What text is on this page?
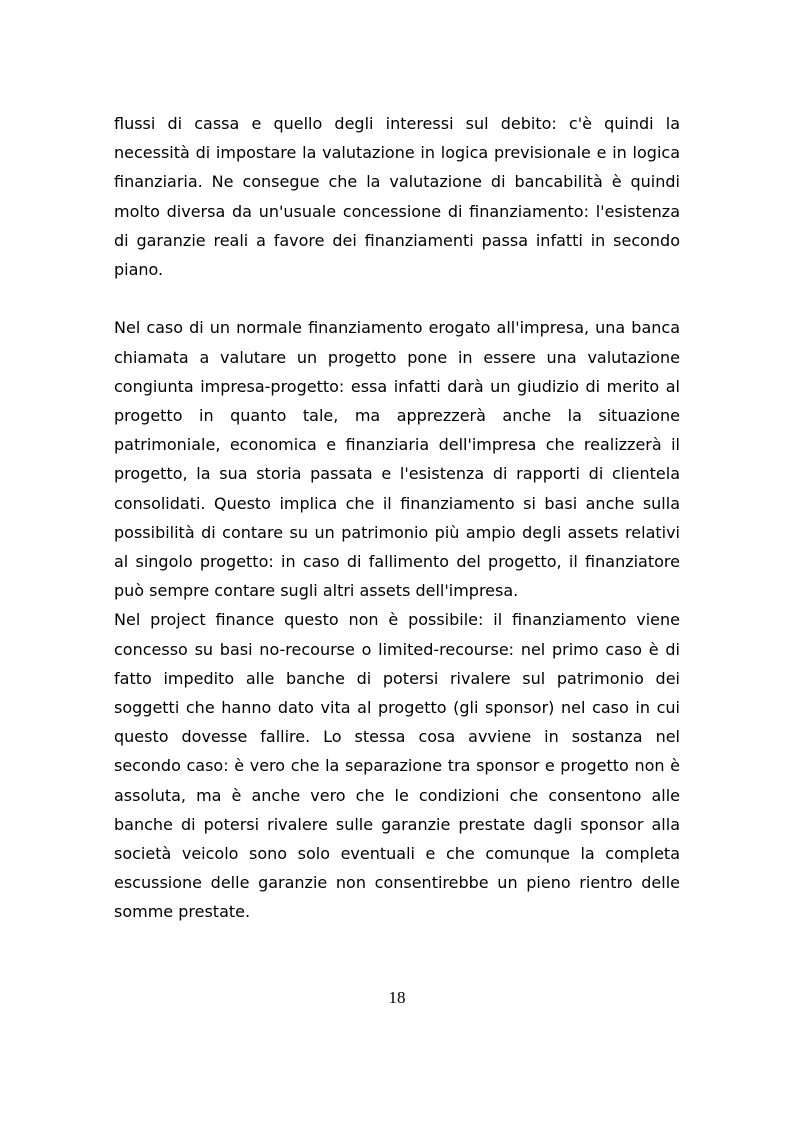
flussi di cassa e quello degli interessi sul debito: c'è quindi la necessità di impostare la valutazione in logica previsionale e in logica finanziaria. Ne consegue che la valutazione di bancabilità è quindi molto diversa da un'usuale concessione di finanziamento: l'esistenza di garanzie reali a favore dei finanziamenti passa infatti in secondo piano.

Nel caso di un normale finanziamento erogato all'impresa, una banca chiamata a valutare un progetto pone in essere una valutazione congiunta impresa-progetto: essa infatti darà un giudizio di merito al progetto in quanto tale, ma apprezzerà anche la situazione patrimoniale, economica e finanziaria dell'impresa che realizzerà il progetto, la sua storia passata e l'esistenza di rapporti di clientela consolidati. Questo implica che il finanziamento si basi anche sulla possibilità di contare su un patrimonio più ampio degli assets relativi al singolo progetto: in caso di fallimento del progetto, il finanziatore può sempre contare sugli altri assets dell'impresa.

Nel project finance questo non è possibile: il finanziamento viene concesso su basi no-recourse o limited-recourse: nel primo caso è di fatto impedito alle banche di potersi rivalere sul patrimonio dei soggetti che hanno dato vita al progetto (gli sponsor) nel caso in cui questo dovesse fallire. Lo stessa cosa avviene in sostanza nel secondo caso: è vero che la separazione tra sponsor e progetto non è assoluta, ma è anche vero che le condizioni che consentono alle banche di potersi rivalere sulle garanzie prestate dagli sponsor alla società veicolo sono solo eventuali e che comunque la completa escussione delle garanzie non consentirebbe un pieno rientro delle somme prestate.

18
